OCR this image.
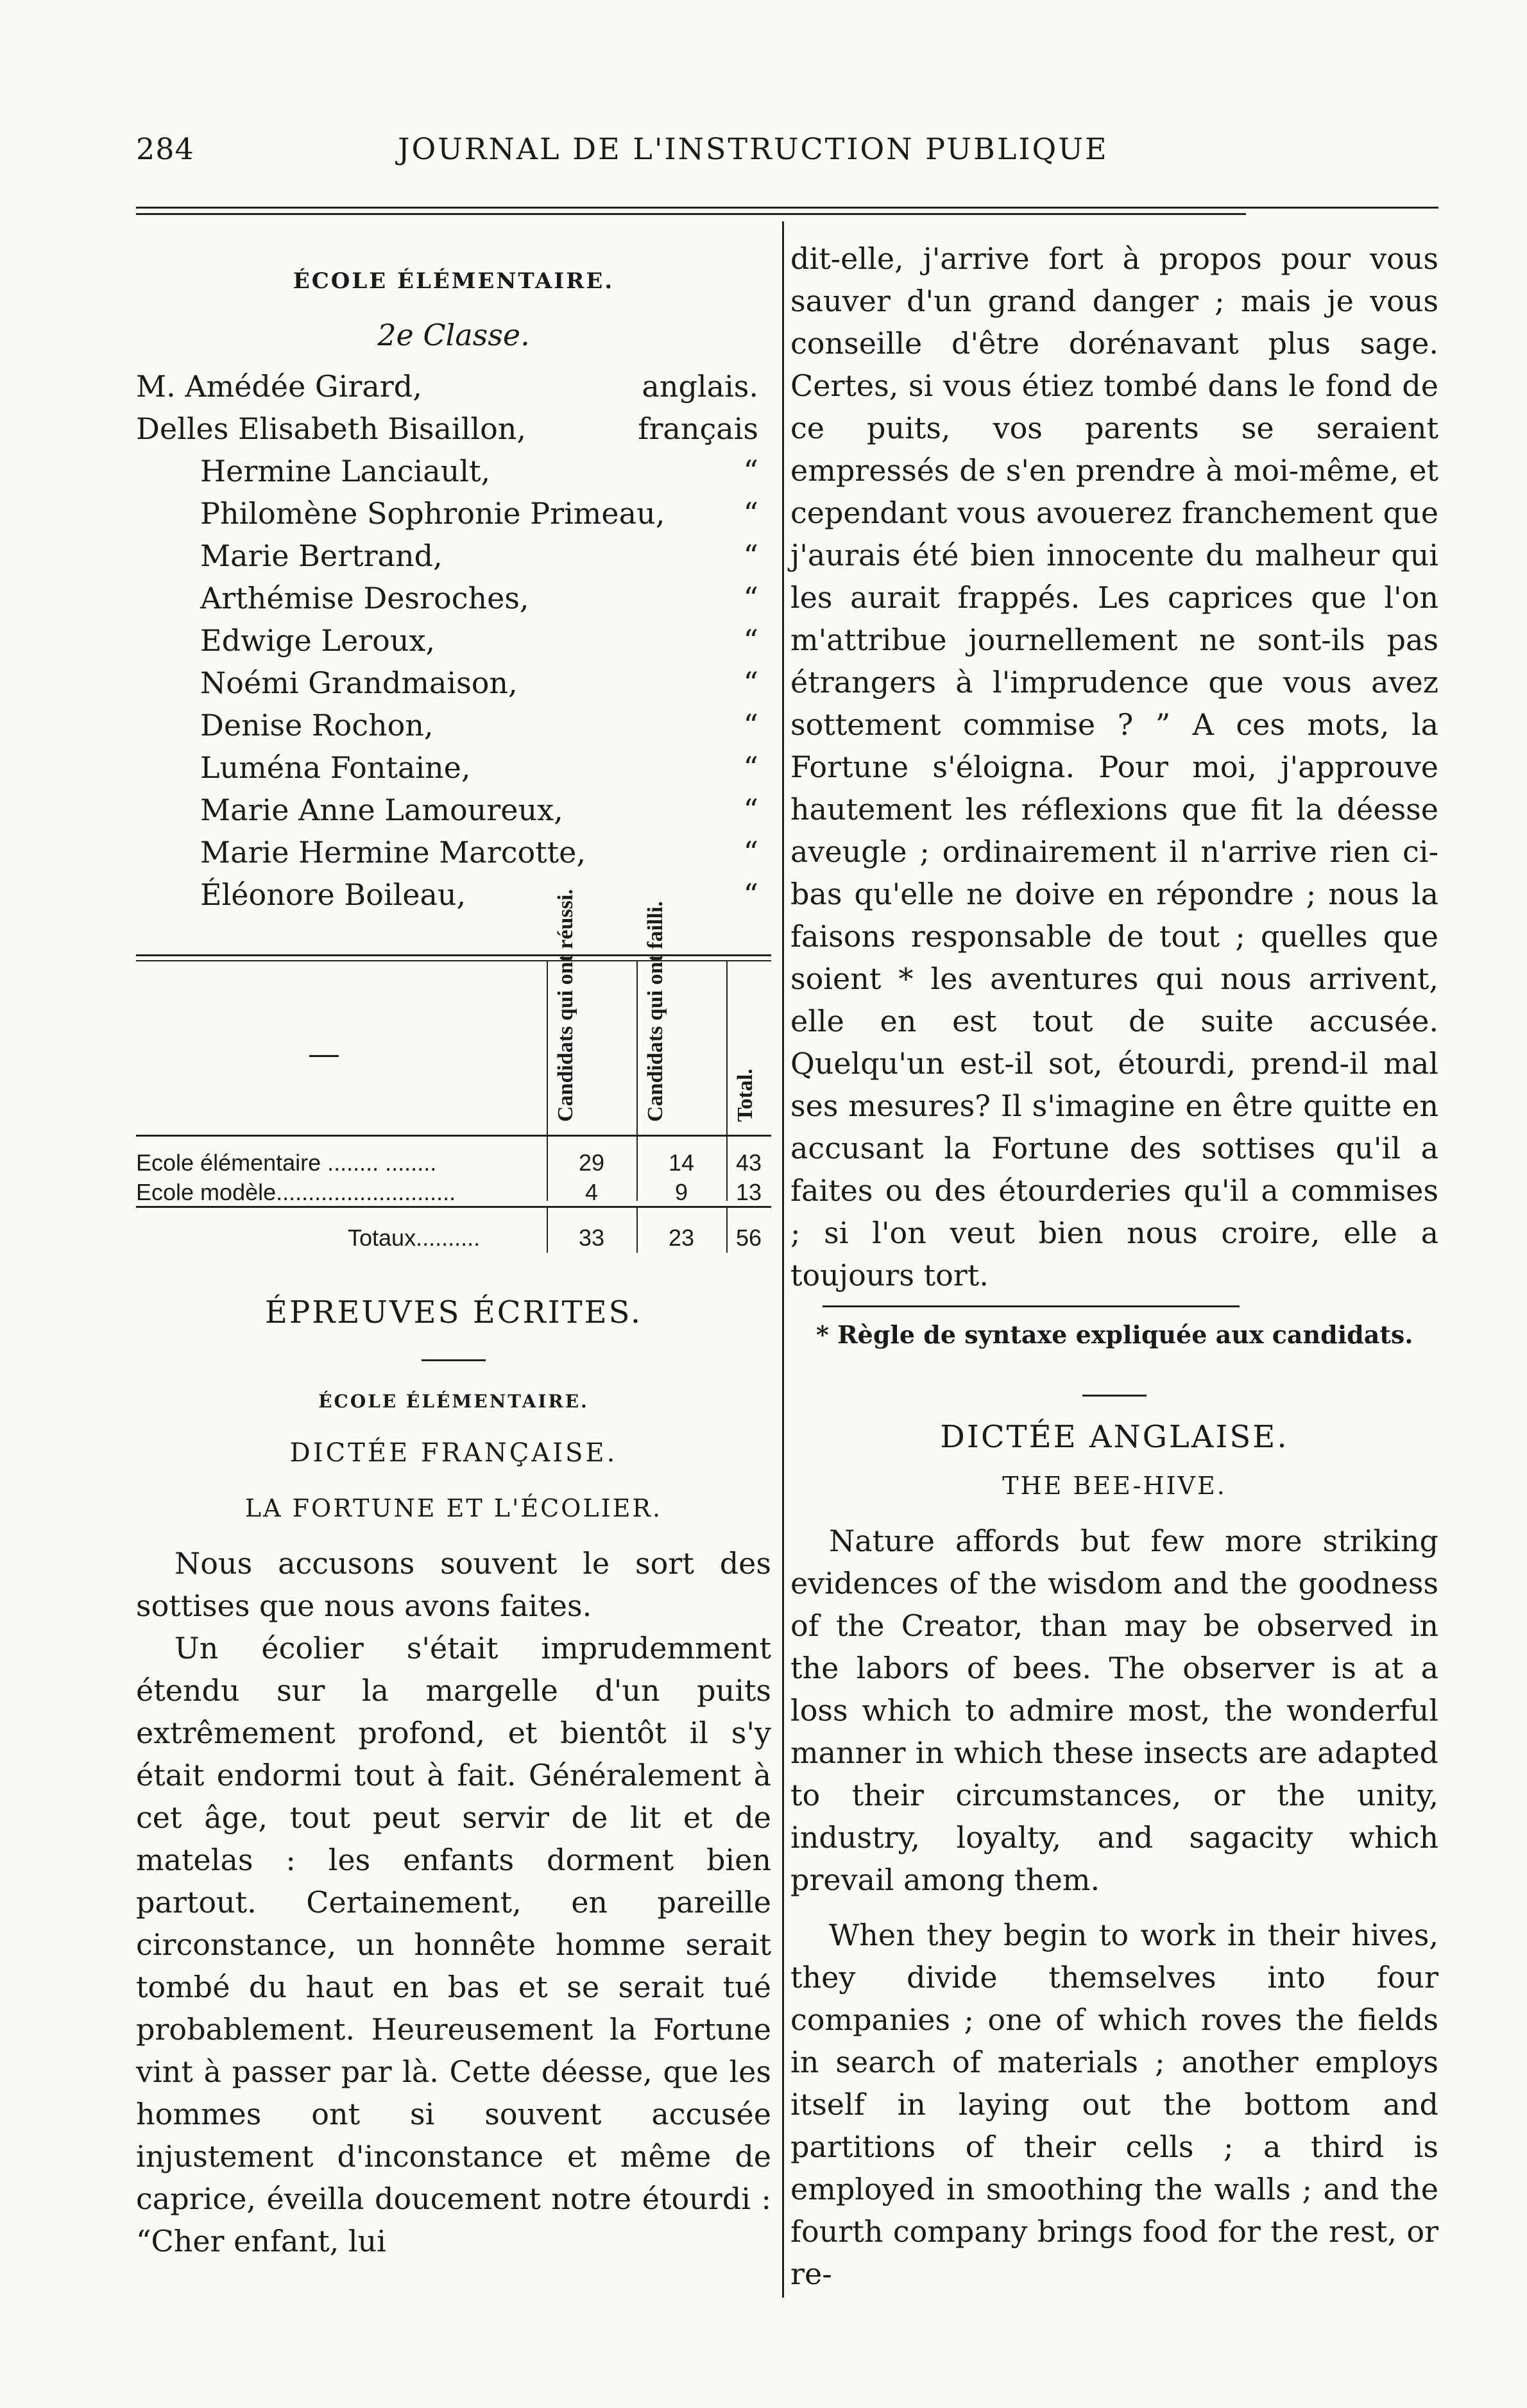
284	JOURNAL DE L'INSTRUCTION PUBLIQUE
ÉCOLE ÉLÉMENTAIRE.
2e Classe.
M. Amédée Girard,	anglais.
Delles Elisabeth Bisaillon,	français
Hermine Lanciault,	“
Philomène Sophronie Primeau,	“
Marie Bertrand,	“
Arthémise Desroches,	“
Edwige Leroux,	“
Noémi Grandmaison,	“
Denise Rochon,	“
Luména Fontaine,	“
Marie Anne Lamoureux,	“
Marie Hermine Marcotte,	“
Éléonore Boileau,	“
—	Candidats qui ont réussi.	Candidats qui ont failli.	Total.
Ecole élémentaire ........ ........	29	14	43
Ecole modèle............................	4	9	13
Totaux..........	33	23	56
ÉPREUVES ÉCRITES.
ÉCOLE ÉLÉMENTAIRE.
DICTÉE FRANÇAISE.
LA FORTUNE ET L'ÉCOLIER.

Nous accusons souvent le sort des sottises que nous avons faites.

Un écolier s'était imprudemment étendu sur la margelle d'un puits extrêmement profond, et bientôt il s'y était endormi tout à fait. Généralement à cet âge, tout peut servir de lit et de matelas : les enfants dorment bien partout. Certainement, en pareille circonstance, un honnête homme serait tombé du haut en bas et se serait tué probablement. Heureusement la Fortune vint à passer par là. Cette déesse, que les hommes ont si souvent accusée injustement d'inconstance et même de caprice, éveilla doucement notre étourdi : “Cher enfant, lui

dit-elle, j'arrive fort à propos pour vous sauver d'un grand danger ; mais je vous conseille d'être dorénavant plus sage. Certes, si vous étiez tombé dans le fond de ce puits, vos parents se seraient empressés de s'en prendre à moi-même, et cependant vous avouerez franchement que j'aurais été bien innocente du malheur qui les aurait frappés. Les caprices que l'on m'attribue journellement ne sont-ils pas étrangers à l'imprudence que vous avez sottement commise ? ” A ces mots, la Fortune s'éloigna. Pour moi, j'approuve hautement les réflexions que fit la déesse aveugle ; ordinairement il n'arrive rien ci-bas qu'elle ne doive en répondre ; nous la faisons responsable de tout ; quelles que soient * les aventures qui nous arrivent, elle en est tout de suite accusée. Quelqu'un est-il sot, étourdi, prend-il mal ses mesures? Il s'imagine en être quitte en accusant la Fortune des sottises qu'il a faites ou des étourderies qu'il a commises ; si l'on veut bien nous croire, elle a toujours tort.

* Règle de syntaxe expliquée aux candidats.
DICTÉE ANGLAISE.
THE BEE-HIVE.

Nature affords but few more striking evidences of the wisdom and the goodness of the Creator, than may be observed in the labors of bees. The observer is at a loss which to admire most, the wonderful manner in which these insects are adapted to their circumstances, or the unity, industry, loyalty, and sagacity which prevail among them.

When they begin to work in their hives, they divide themselves into four companies ; one of which roves the fields in search of materials ; another employs itself in laying out the bottom and partitions of their cells ; a third is employed in smoothing the walls ; and the fourth company brings food for the rest, or re-
